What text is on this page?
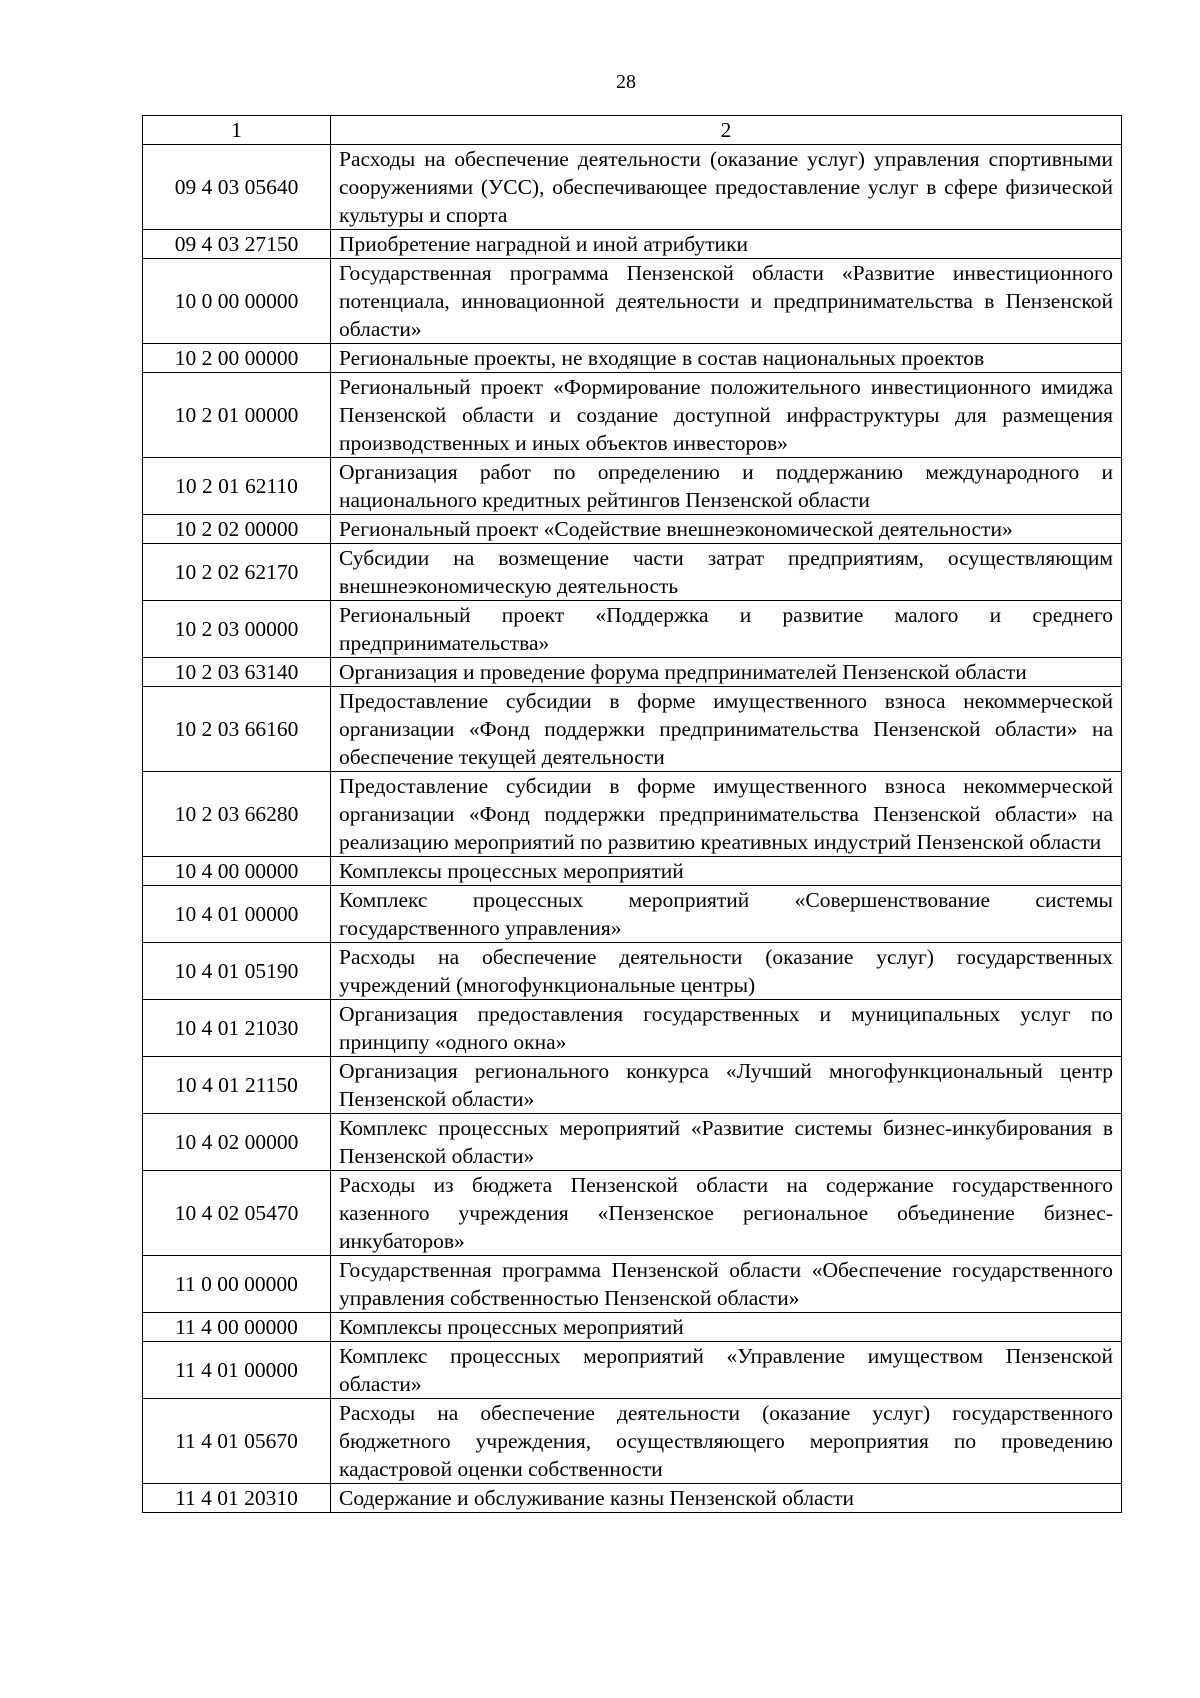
28
1	2
09 4 03 05640	Расходы на обеспечение деятельности (оказание услуг) управления спортивными сооружениями (УСС), обеспечивающее предоставление услуг в сфере физической культуры и спорта
09 4 03 27150	Приобретение наградной и иной атрибутики
10 0 00 00000	Государственная программа Пензенской области «Развитие инвестиционного потенциала, инновационной деятельности и предпринимательства в Пензенской области»
10 2 00 00000	Региональные проекты, не входящие в состав национальных проектов
10 2 01 00000	Региональный проект «Формирование положительного инвестиционного имиджа Пензенской области и создание доступной инфраструктуры для размещения производственных и иных объектов инвесторов»
10 2 01 62110	Организация работ по определению и поддержанию международного и национального кредитных рейтингов Пензенской области
10 2 02 00000	Региональный проект «Содействие внешнеэкономической деятельности»
10 2 02 62170	Субсидии на возмещение части затрат предприятиям, осуществляющим внешнеэкономическую деятельность
10 2 03 00000	Региональный проект «Поддержка и развитие малого и среднего предпринимательства»
10 2 03 63140	Организация и проведение форума предпринимателей Пензенской области
10 2 03 66160	Предоставление субсидии в форме имущественного взноса некоммерческой организации «Фонд поддержки предпринимательства Пензенской области» на обеспечение текущей деятельности
10 2 03 66280	Предоставление субсидии в форме имущественного взноса некоммерческой организации «Фонд поддержки предпринимательства Пензенской области» на реализацию мероприятий по развитию креативных индустрий Пензенской области
10 4 00 00000	Комплексы процессных мероприятий
10 4 01 00000	Комплекс процессных мероприятий «Совершенствование системы государственного управления»
10 4 01 05190	Расходы на обеспечение деятельности (оказание услуг) государственных учреждений (многофункциональные центры)
10 4 01 21030	Организация предоставления государственных и муниципальных услуг по принципу «одного окна»
10 4 01 21150	Организация регионального конкурса «Лучший многофункциональный центр Пензенской области»
10 4 02 00000	Комплекс процессных мероприятий «Развитие системы бизнес-инкубирования в Пензенской области»
10 4 02 05470	Расходы из бюджета Пензенской области на содержание государственного казенного учреждения «Пензенское региональное объединение бизнес-инкубаторов»
11 0 00 00000	Государственная программа Пензенской области «Обеспечение государственного управления собственностью Пензенской области»
11 4 00 00000	Комплексы процессных мероприятий
11 4 01 00000	Комплекс процессных мероприятий «Управление имуществом Пензенской области»
11 4 01 05670	Расходы на обеспечение деятельности (оказание услуг) государственного бюджетного учреждения, осуществляющего мероприятия по проведению кадастровой оценки собственности
11 4 01 20310	Содержание и обслуживание казны Пензенской области
